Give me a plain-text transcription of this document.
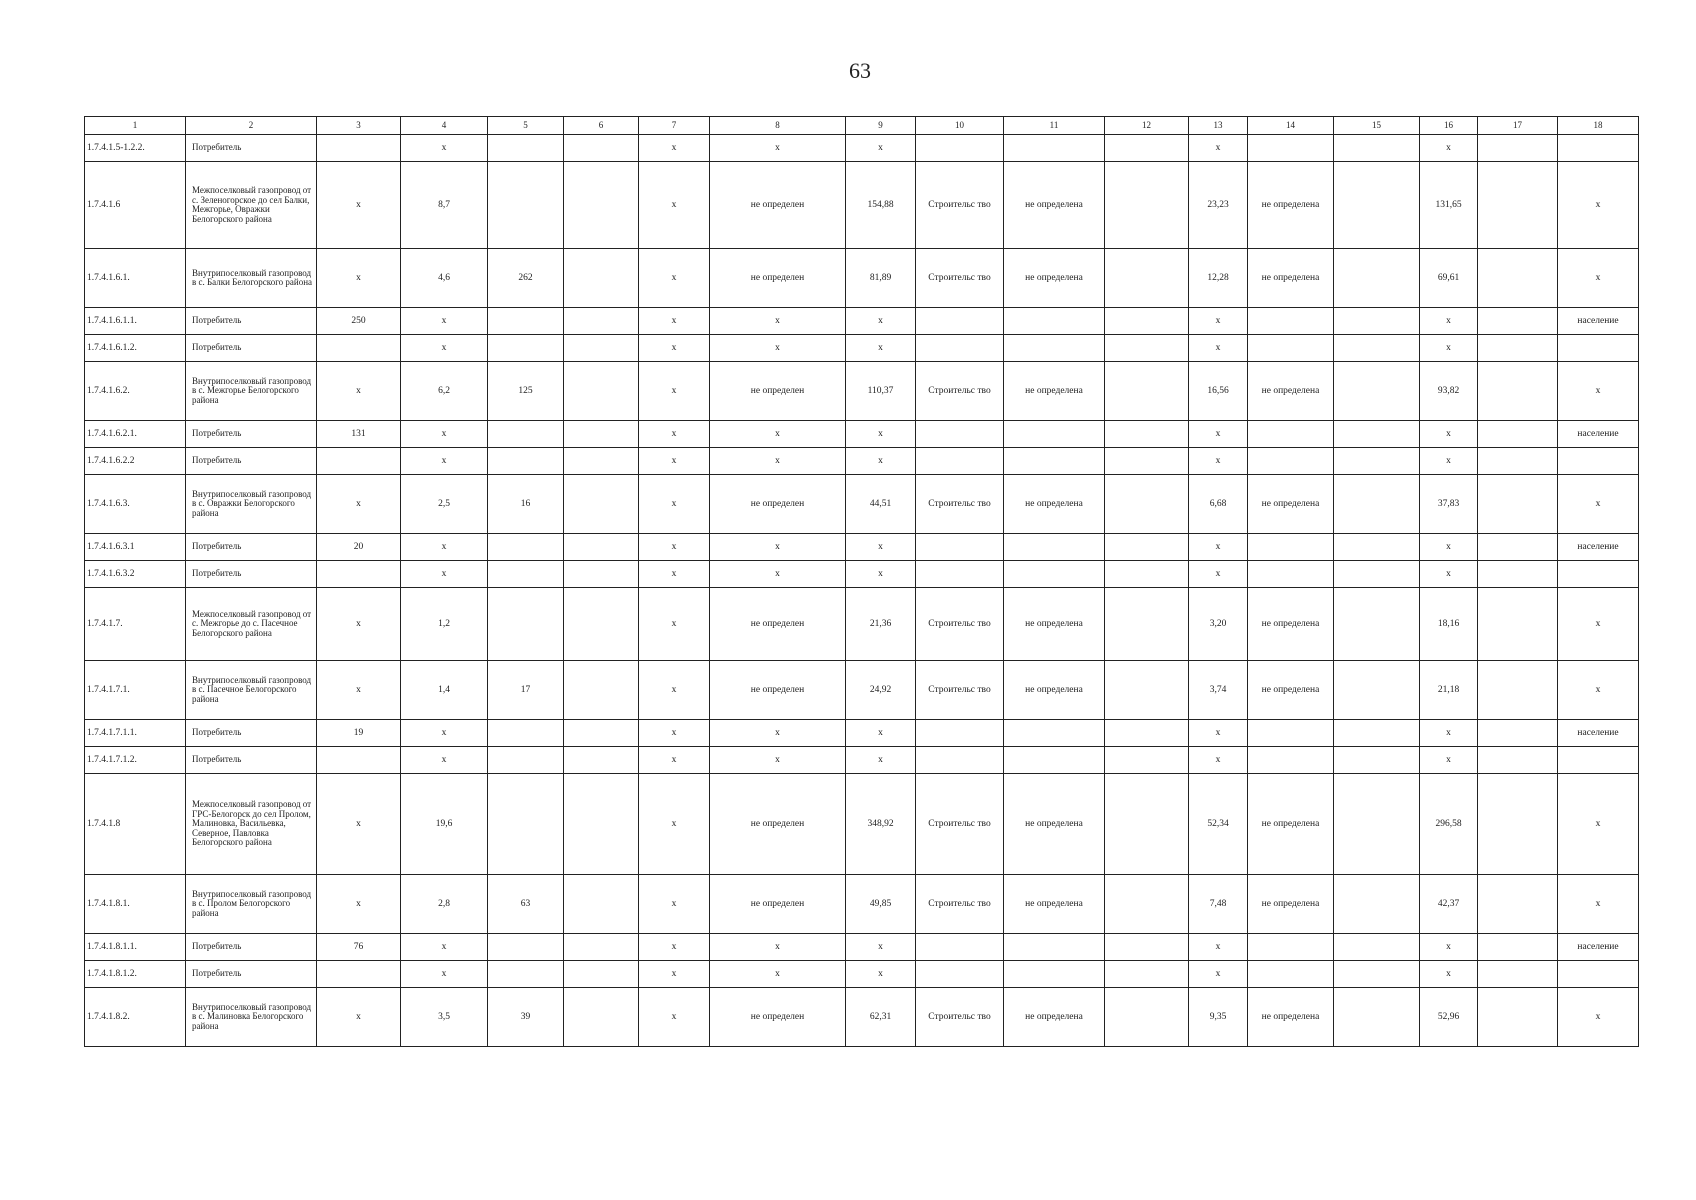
63
1	2	3	4	5	6	7	8	9	10	11	12	13	14	15	16	17	18
1.7.4.1.5-1.2.2.	Потребитель		x			x	x	x				x			x		
1.7.4.1.6	Межпоселковый газопровод от с. Зеленогорское до сел Балки, Межгорье, Овражки Белогорского района	x	8,7			x	не определен	154,88	Строительс тво	не определена		23,23	не определена		131,65		x
1.7.4.1.6.1.	Внутрипоселковый газопровод в с. Балки Белогорского района	x	4,6	262		x	не определен	81,89	Строительс тво	не определена		12,28	не определена		69,61		x
1.7.4.1.6.1.1.	Потребитель	250	x			x	x	x				x			x		население
1.7.4.1.6.1.2.	Потребитель		x			x	x	x				x			x		
1.7.4.1.6.2.	Внутрипоселковый газопровод в с. Межгорье Белогорского района	x	6,2	125		x	не определен	110,37	Строительс тво	не определена		16,56	не определена		93,82		x
1.7.4.1.6.2.1.	Потребитель	131	x			x	x	x				x			x		население
1.7.4.1.6.2.2	Потребитель		x			x	x	x				x			x		
1.7.4.1.6.3.	Внутрипоселковый газопровод в с. Овражки Белогорского района	x	2,5	16		x	не определен	44,51	Строительс тво	не определена		6,68	не определена		37,83		x
1.7.4.1.6.3.1	Потребитель	20	x			x	x	x				x			x		население
1.7.4.1.6.3.2	Потребитель		x			x	x	x				x			x		
1.7.4.1.7.	Межпоселковый газопровод от с. Межгорье до с. Пасечное Белогорского района	x	1,2			x	не определен	21,36	Строительс тво	не определена		3,20	не определена		18,16		x
1.7.4.1.7.1.	Внутрипоселковый газопровод в с. Пасечное Белогорского района	x	1,4	17		x	не определен	24,92	Строительс тво	не определена		3,74	не определена		21,18		x
1.7.4.1.7.1.1.	Потребитель	19	x			x	x	x				x			x		население
1.7.4.1.7.1.2.	Потребитель		x			x	x	x				x			x		
1.7.4.1.8	Межпоселковый газопровод от ГРС-Белогорск до сел Пролом, Малиновка, Васильевка, Северное, Павловка Белогорского района	x	19,6			x	не определен	348,92	Строительс тво	не определена		52,34	не определена		296,58		x
1.7.4.1.8.1.	Внутрипоселковый газопровод в с. Пролом Белогорского района	x	2,8	63		x	не определен	49,85	Строительс тво	не определена		7,48	не определена		42,37		x
1.7.4.1.8.1.1.	Потребитель	76	x			x	x	x				x			x		население
1.7.4.1.8.1.2.	Потребитель		x			x	x	x				x			x		
1.7.4.1.8.2.	Внутрипоселковый газопровод в с. Малиновка Белогорского района	x	3,5	39		x	не определен	62,31	Строительс тво	не определена		9,35	не определена		52,96		x
